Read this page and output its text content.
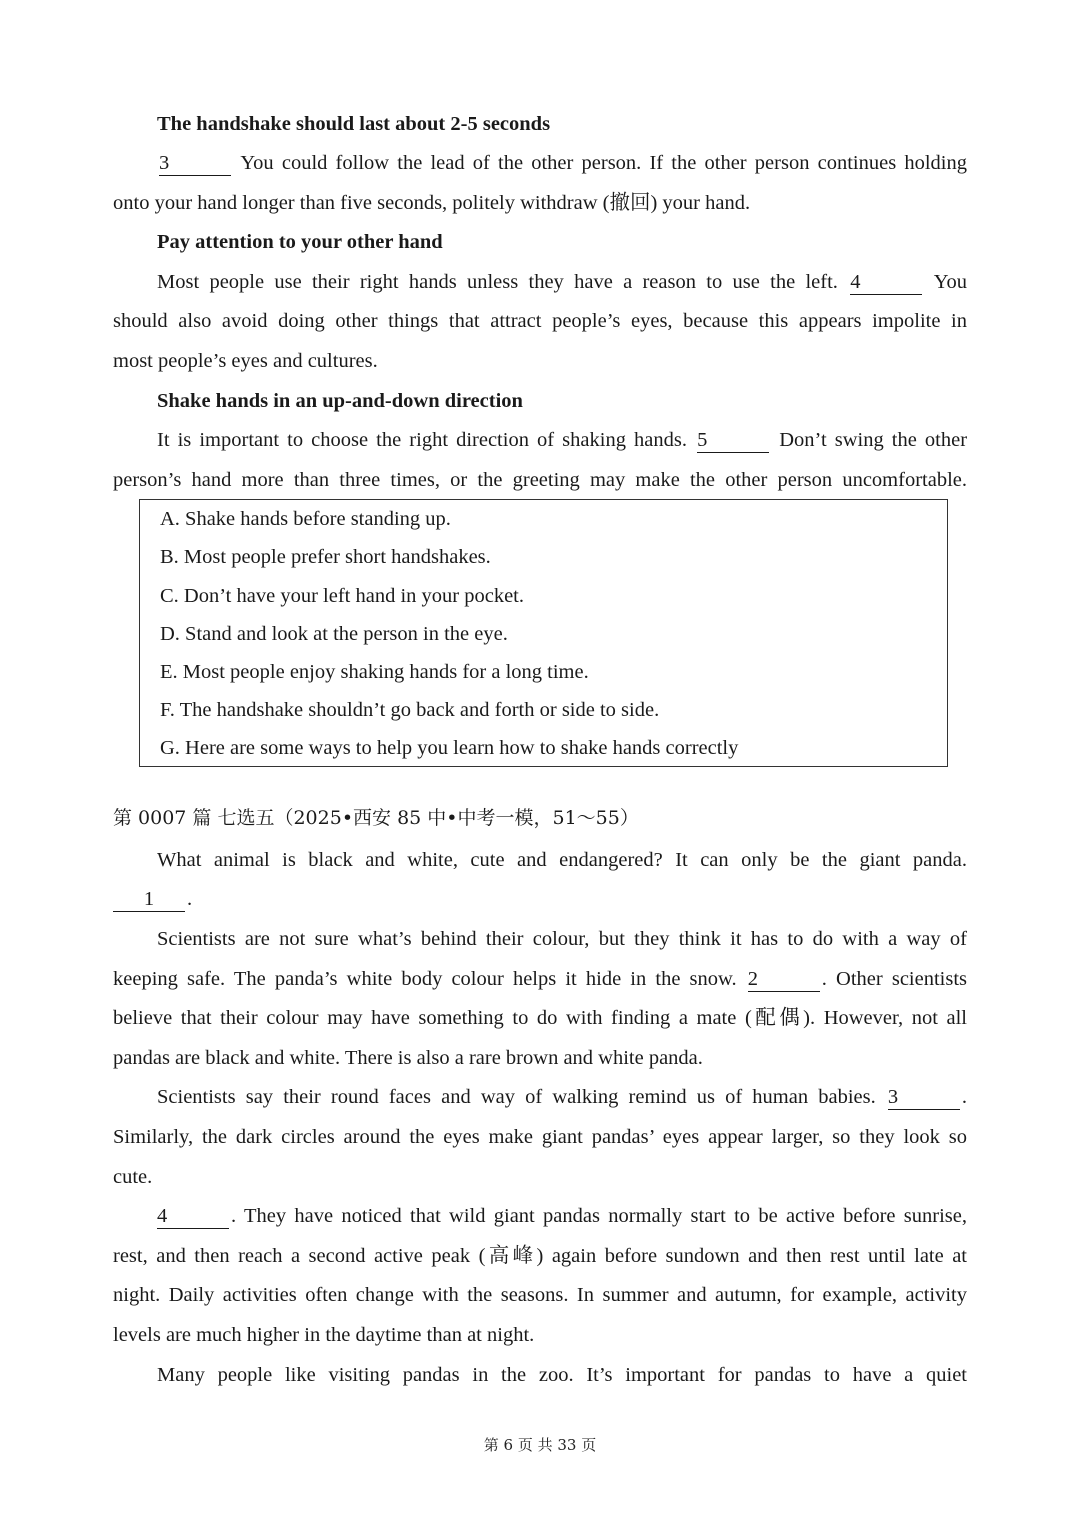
The handshake should last about 2-5 seconds
3	You could follow the lead of the other person. If the other person continues holding
onto your hand longer than five seconds, politely withdraw (撤回) your hand.
Pay attention to your other hand
Most people use their right hands unless they have a reason to use the left. 4	You
should also avoid doing other things that attract people’s eyes, because this appears impolite in
most people’s eyes and cultures.
Shake hands in an up-and-down direction
It is important to choose the right direction of shaking hands. 5	Don’t swing the other
person’s hand more than three times, or the greeting may make the other person uncomfortable.
A. Shake hands before standing up.
B. Most people prefer short handshakes.
C. Don’t have your left hand in your pocket.
D. Stand and look at the person in the eye.
E. Most people enjoy shaking hands for a long time.
F. The handshake shouldn’t go back and forth or side to side.
G. Here are some ways to help you learn how to shake hands correctly
第 0007 篇 七选五（2025•西安 85 中•中考一模，51～55）
What animal is black and white, cute and endangered? It can only be the giant panda.
1 .
Scientists are not sure what’s behind their colour, but they think it has to do with a way of
keeping safe. The panda’s white body colour helps it hide in the snow. 2	. Other scientists
believe that their colour may have something to do with finding a mate (配偶). However, not all
pandas are black and white. There is also a rare brown and white panda.
Scientists say their round faces and way of walking remind us of human babies. 3	.
Similarly, the dark circles around the eyes make giant pandas’ eyes appear larger, so they look so
cute.
4	. They have noticed that wild giant pandas normally start to be active before sunrise,
rest, and then reach a second active peak (高峰) again before sundown and then rest until late at
night. Daily activities often change with the seasons. In summer and autumn, for example, activity
levels are much higher in the daytime than at night.
Many people like visiting pandas in the zoo. It’s important for pandas to have a quiet
第 6 页 共 33 页
